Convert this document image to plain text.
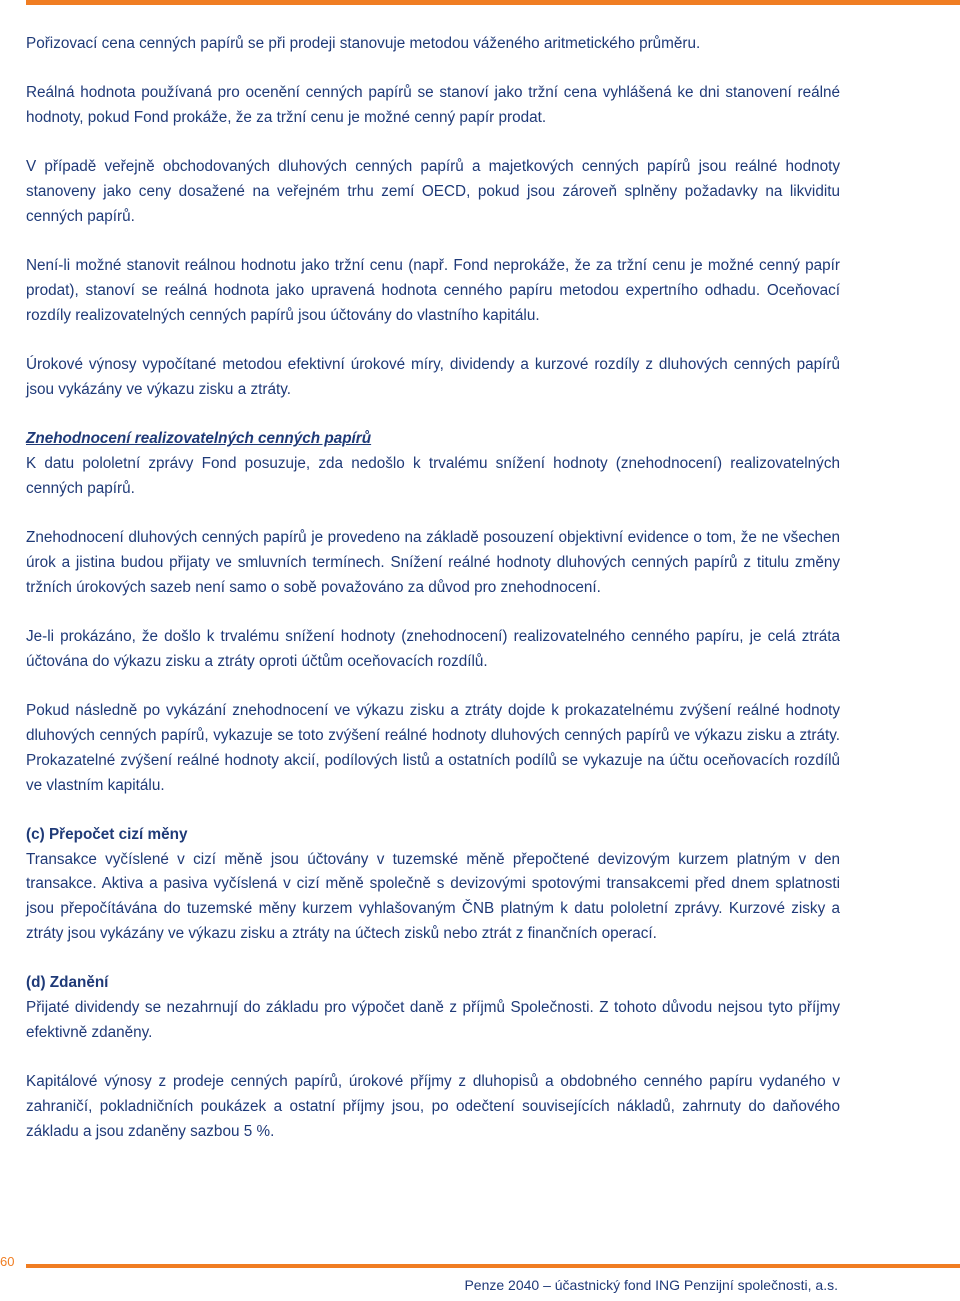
Pořizovací cena cenných papírů se při prodeji stanovuje metodou váženého aritmetického průměru.

Reálná hodnota používaná pro ocenění cenných papírů se stanoví jako tržní cena vyhlášená ke dni stanovení reálné hodnoty, pokud Fond prokáže, že za tržní cenu je možné cenný papír prodat.

V případě veřejně obchodovaných dluhových cenných papírů a majetkových cenných papírů jsou reálné hodnoty stanoveny jako ceny dosažené na veřejném trhu zemí OECD, pokud jsou zároveň splněny požadavky na likviditu cenných papírů.

Není-li možné stanovit reálnou hodnotu jako tržní cenu (např. Fond neprokáže, že za tržní cenu je možné cenný papír prodat), stanoví se reálná hodnota jako upravená hodnota cenného papíru metodou expertního odhadu. Oceňovací rozdíly realizovatelných cenných papírů jsou účtovány do vlastního kapitálu.

Úrokové výnosy vypočítané metodou efektivní úrokové míry, dividendy a kurzové rozdíly z dluhových cenných papírů jsou vykázány ve výkazu zisku a ztráty.

Znehodnocení realizovatelných cenných papírů
K datu pololetní zprávy Fond posuzuje, zda nedošlo k trvalému snížení hodnoty (znehodnocení) realizovatelných cenných papírů.

Znehodnocení dluhových cenných papírů je provedeno na základě posouzení objektivní evidence o tom, že ne všechen úrok a jistina budou přijaty ve smluvních termínech. Snížení reálné hodnoty dluhových cenných papírů z titulu změny tržních úrokových sazeb není samo o sobě považováno za důvod pro znehodnocení.

Je-li prokázáno, že došlo k trvalému snížení hodnoty (znehodnocení) realizovatelného cenného papíru, je celá ztráta účtována do výkazu zisku a ztráty oproti účtům oceňovacích rozdílů.

Pokud následně po vykázání znehodnocení ve výkazu zisku a ztráty dojde k prokazatelnému zvýšení reálné hodnoty dluhových cenných papírů, vykazuje se toto zvýšení reálné hodnoty dluhových cenných papírů ve výkazu zisku a ztráty. Prokazatelné zvýšení reálné hodnoty akcií, podílových listů a ostatních podílů se vykazuje na účtu oceňovacích rozdílů ve vlastním kapitálu.

(c) Přepočet cizí měny
Transakce vyčíslené v cizí měně jsou účtovány v tuzemské měně přepočtené devizovým kurzem platným v den transakce. Aktiva a pasiva vyčíslená v cizí měně společně s devizovými spotovými transakcemi před dnem splatnosti jsou přepočítávána do tuzemské měny kurzem vyhlašovaným ČNB platným k datu pololetní zprávy. Kurzové zisky a ztráty jsou vykázány ve výkazu zisku a ztráty na účtech zisků nebo ztrát z finančních operací.

(d) Zdanění
Přijaté dividendy se nezahrnují do základu pro výpočet daně z příjmů Společnosti. Z tohoto důvodu nejsou tyto příjmy efektivně zdaněny.

Kapitálové výnosy z prodeje cenných papírů, úrokové příjmy z dluhopisů a obdobného cenného papíru vydaného v zahraničí, pokladničních poukázek a ostatní příjmy jsou, po odečtení souvisejících nákladů, zahrnuty do daňového základu a jsou zdaněny sazbou 5 %.

60
Penze 2040 – účastnický fond ING Penzijní společnosti, a.s.
